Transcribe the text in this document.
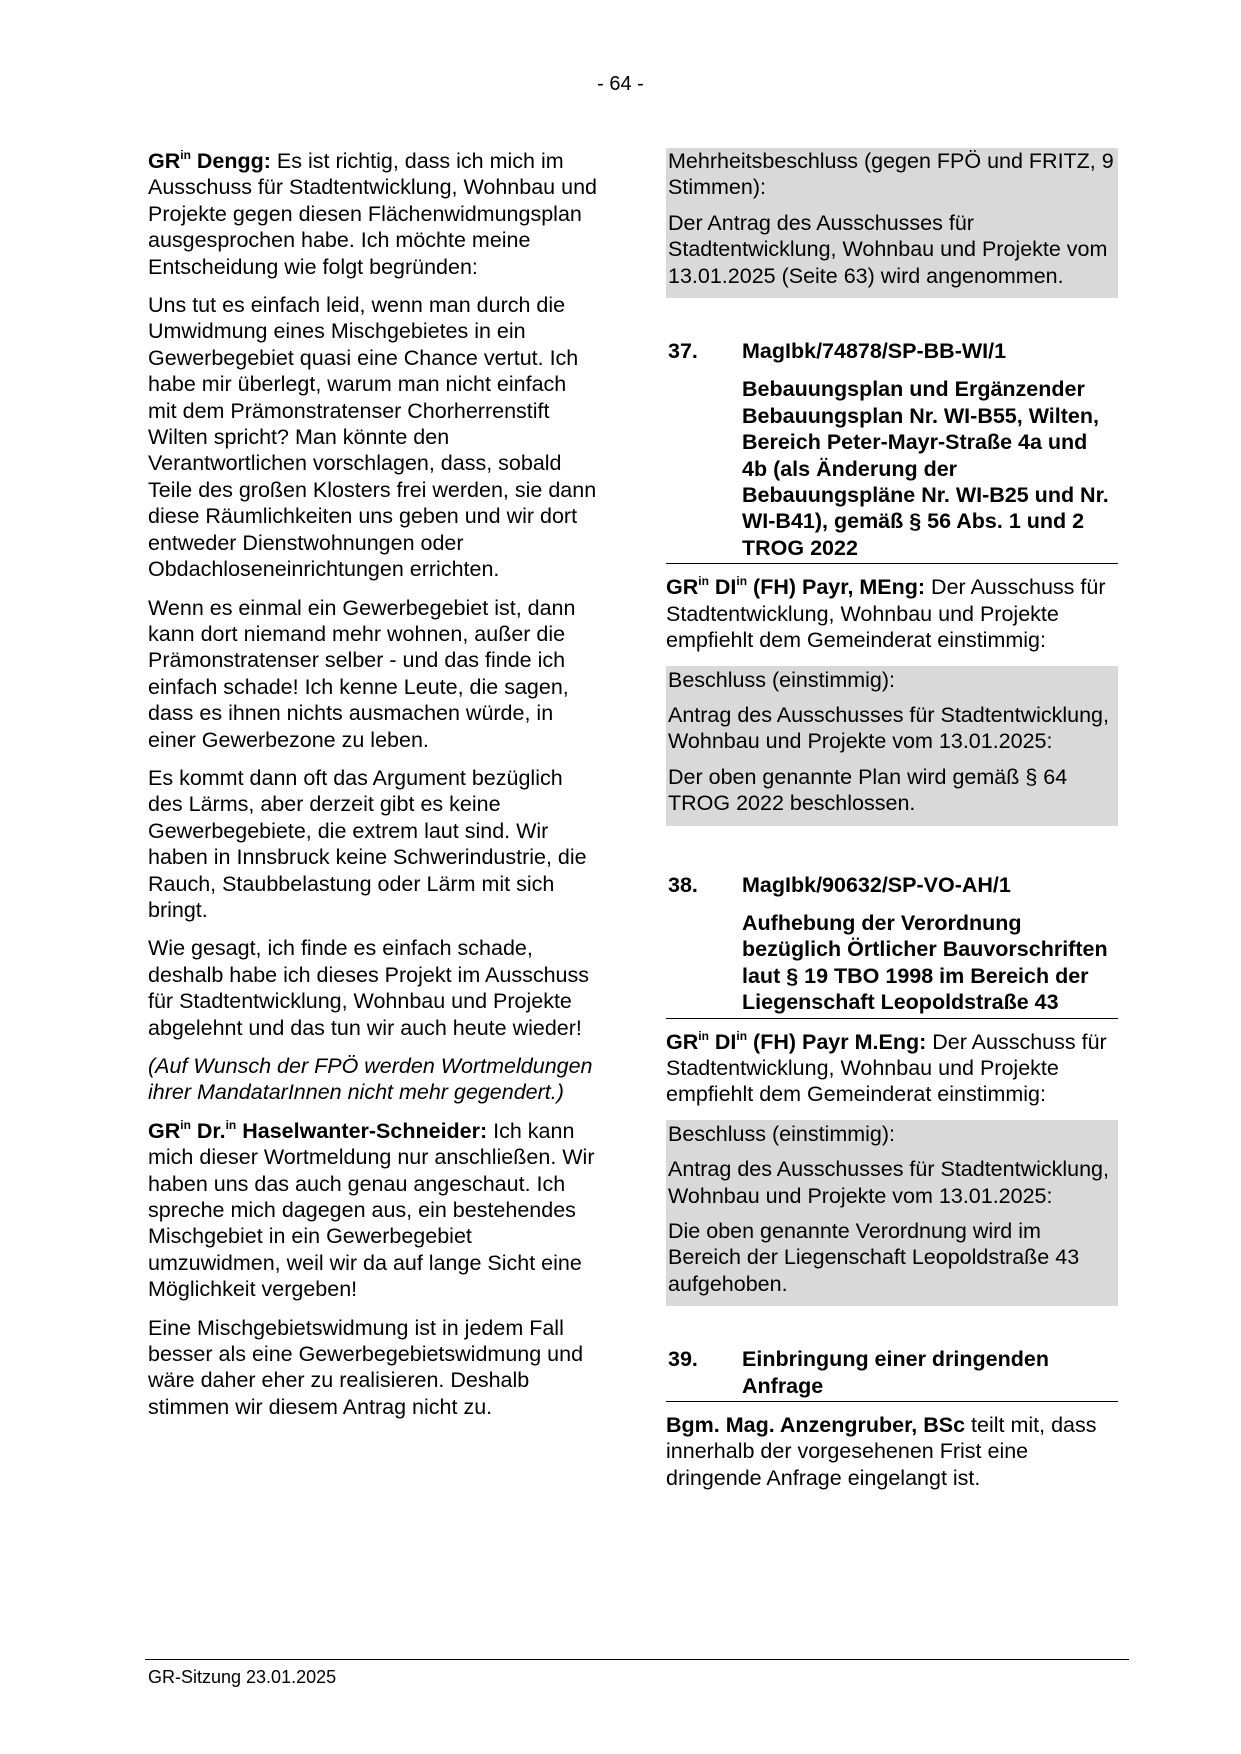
- 64 -

$GR^{in}$ Dengg: Es ist richtig, dass ich mich im Ausschuss für Stadtentwicklung, Wohnbau und Projekte gegen diesen Flächenwidmungsplan ausgesprochen habe. Ich möchte meine Entscheidung wie folgt begründen:

Uns tut es einfach leid, wenn man durch die Umwidmung eines Mischgebietes in ein Gewerbegebiet quasi eine Chance vertut. Ich habe mir überlegt, warum man nicht einfach mit dem Prämonstratenser Chorherrenstift Wilten spricht? Man könnte den Verantwortlichen vorschlagen, dass, sobald Teile des großen Klosters frei werden, sie dann diese Räumlichkeiten uns geben und wir dort entweder Dienstwohnungen oder Obdachloseneinrichtungen errichten.

Wenn es einmal ein Gewerbegebiet ist, dann kann dort niemand mehr wohnen, außer die Prämonstratenser selber - und das finde ich einfach schade! Ich kenne Leute, die sagen, dass es ihnen nichts ausmachen würde, in einer Gewerbezone zu leben.

Es kommt dann oft das Argument bezüglich des Lärms, aber derzeit gibt es keine Gewerbegebiete, die extrem laut sind. Wir haben in Innsbruck keine Schwerindustrie, die Rauch, Staubbelastung oder Lärm mit sich bringt.

Wie gesagt, ich finde es einfach schade, deshalb habe ich dieses Projekt im Ausschuss für Stadtentwicklung, Wohnbau und Projekte abgelehnt und das tun wir auch heute wieder!

(Auf Wunsch der FPÖ werden Wortmeldungen ihrer MandatarInnen nicht mehr gegendert.)

$GR^{in}$ Dr.$^{in}$ Haselwanter-Schneider: Ich kann mich dieser Wortmeldung nur anschließen. Wir haben uns das auch genau angeschaut. Ich spreche mich dagegen aus, ein bestehendes Mischgebiet in ein Gewerbegebiet umzuwidmen, weil wir da auf lange Sicht eine Möglichkeit vergeben!

Eine Mischgebietswidmung ist in jedem Fall besser als eine Gewerbegebietswidmung und wäre daher eher zu realisieren. Deshalb stimmen wir diesem Antrag nicht zu.

Mehrheitsbeschluss (gegen FPÖ und FRITZ, 9 Stimmen):

Der Antrag des Ausschusses für Stadtentwicklung, Wohnbau und Projekte vom 13.01.2025 (Seite 63) wird angenommen.

37.	MagIbk/74878/SP-BB-WI/1
Bebauungsplan und Ergänzender Bebauungsplan Nr. WI-B55, Wilten, Bereich Peter-Mayr-Straße 4a und 4b (als Änderung der Bebauungspläne Nr. WI-B25 und Nr. WI-B41), gemäß § 56 Abs. 1 und 2 TROG 2022

$GR^{in}$ $DI^{in}$ (FH) Payr, MEng: Der Ausschuss für Stadtentwicklung, Wohnbau und Projekte empfiehlt dem Gemeinderat einstimmig:

Beschluss (einstimmig):

Antrag des Ausschusses für Stadtentwicklung, Wohnbau und Projekte vom 13.01.2025:

Der oben genannte Plan wird gemäß § 64 TROG 2022 beschlossen.

38.	MagIbk/90632/SP-VO-AH/1
Aufhebung der Verordnung bezüglich Örtlicher Bauvorschriften laut § 19 TBO 1998 im Bereich der Liegenschaft Leopoldstraße 43

$GR^{in}$ $DI^{in}$ (FH) Payr M.Eng: Der Ausschuss für Stadtentwicklung, Wohnbau und Projekte empfiehlt dem Gemeinderat einstimmig:

Beschluss (einstimmig):

Antrag des Ausschusses für Stadtentwicklung, Wohnbau und Projekte vom 13.01.2025:

Die oben genannte Verordnung wird im Bereich der Liegenschaft Leopoldstraße 43 aufgehoben.

39.	Einbringung einer dringenden Anfrage

Bgm. Mag. Anzengruber, BSc teilt mit, dass innerhalb der vorgesehenen Frist eine dringende Anfrage eingelangt ist.

GR-Sitzung 23.01.2025
